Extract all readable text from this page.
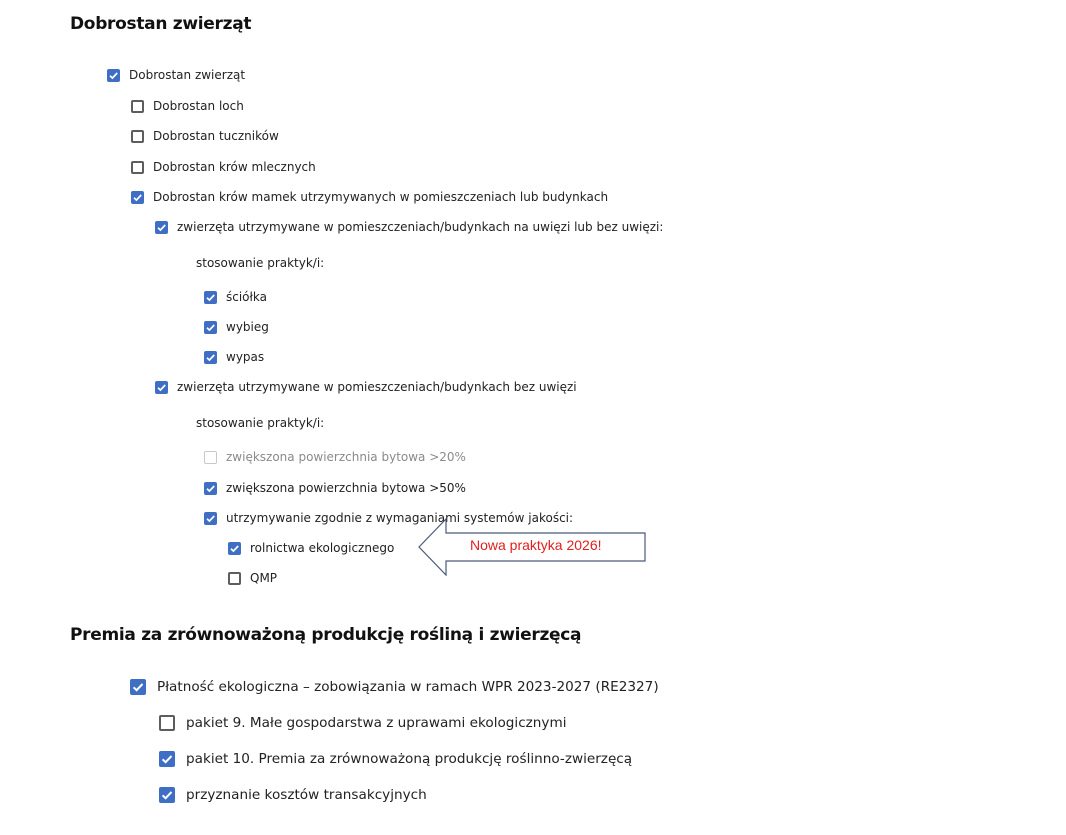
Dobrostan zwierząt
Dobrostan zwierząt
Dobrostan loch
Dobrostan tuczników
Dobrostan krów mlecznych
Dobrostan krów mamek utrzymywanych w pomieszczeniach lub budynkach
zwierzęta utrzymywane w pomieszczeniach/budynkach na uwięzi lub bez uwięzi:
stosowanie praktyk/i:
ściółka
wybieg
wypas
zwierzęta utrzymywane w pomieszczeniach/budynkach bez uwięzi
stosowanie praktyk/i:
zwiększona powierzchnia bytowa >20%
zwiększona powierzchnia bytowa >50%
utrzymywanie zgodnie z wymaganiami systemów jakości:
rolnictwa ekologicznego
QMP
Nowa praktyka 2026!
Premia za zrównoważoną produkcję rośliną i zwierzęcą
Płatność ekologiczna – zobowiązania w ramach WPR 2023-2027 (RE2327)
pakiet 9. Małe gospodarstwa z uprawami ekologicznymi
pakiet 10. Premia za zrównoważoną produkcję roślinno-zwierzęcą
przyznanie kosztów transakcyjnych
